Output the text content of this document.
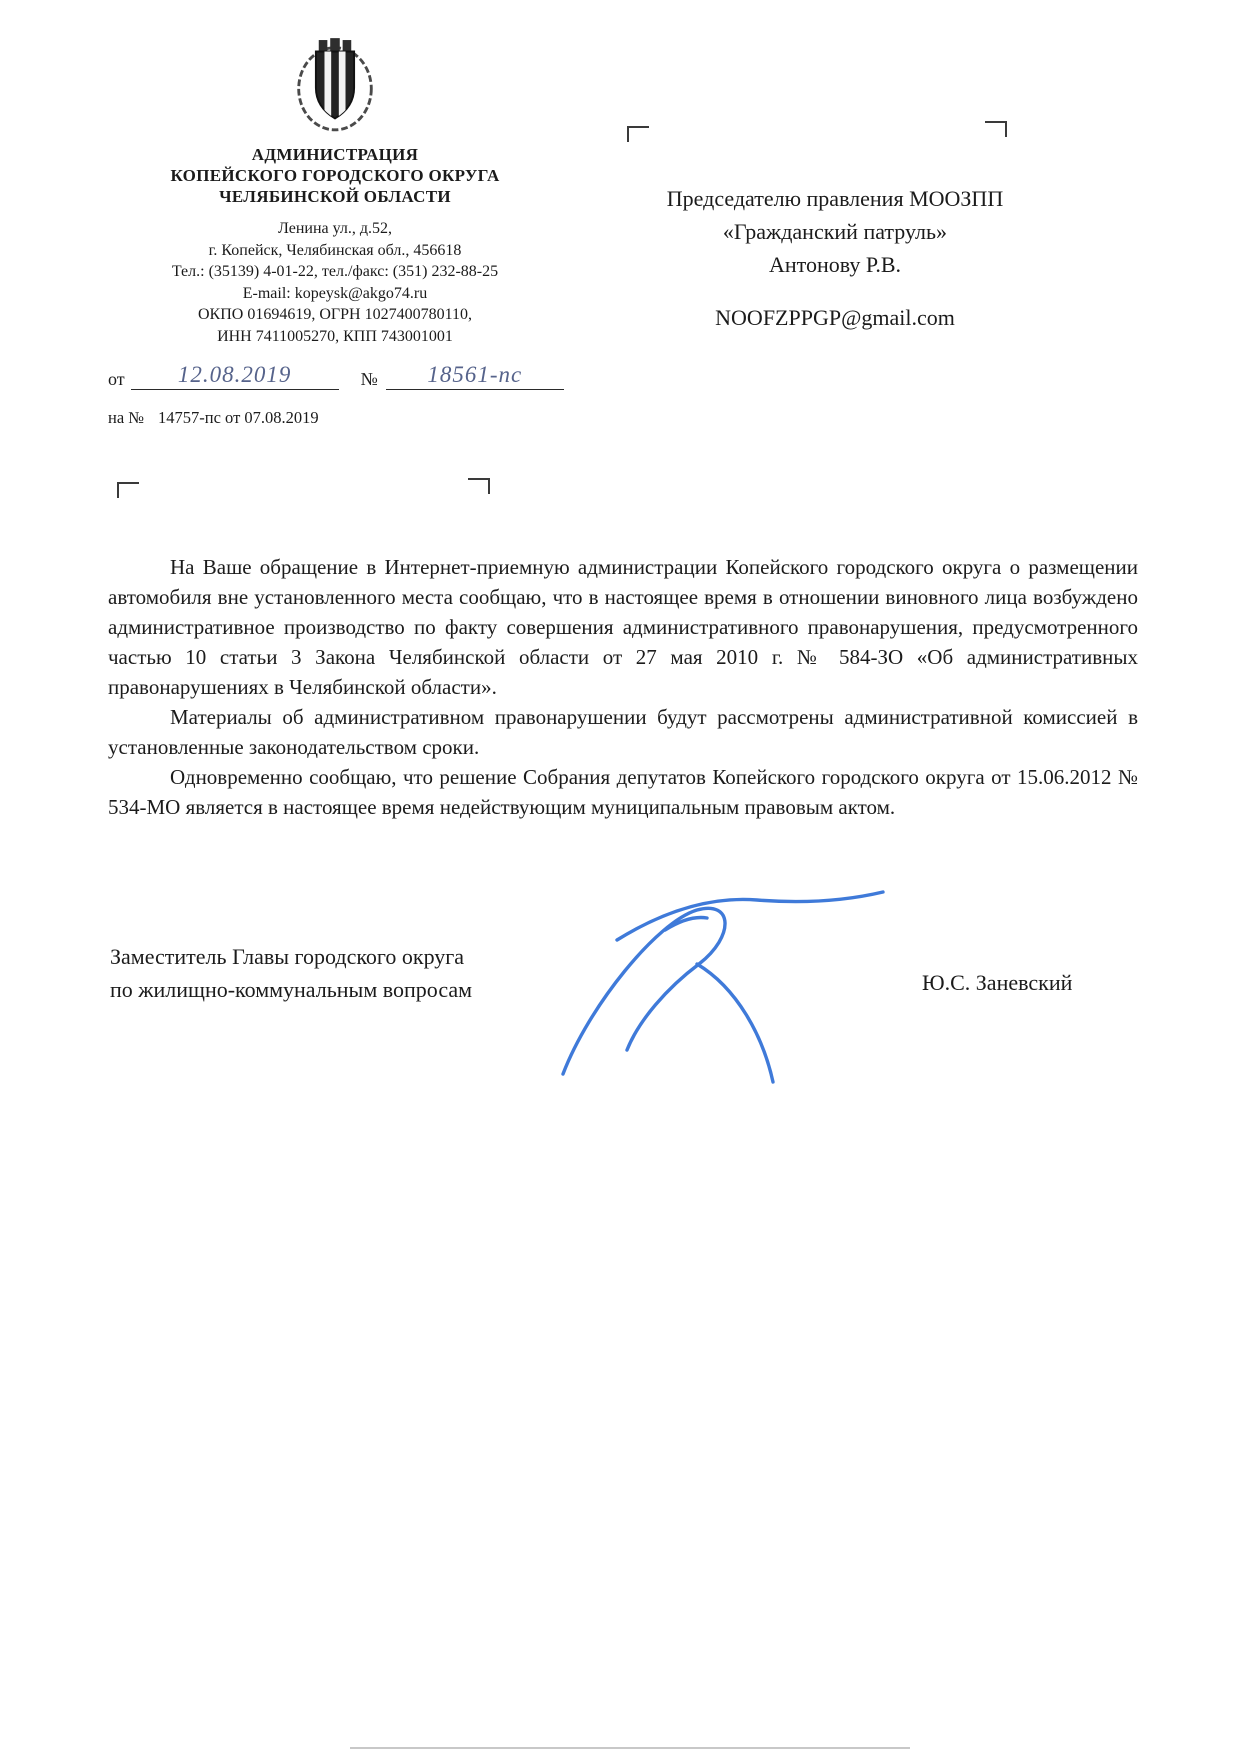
АДМИНИСТРАЦИЯ
КОПЕЙСКОГО ГОРОДСКОГО ОКРУГА
ЧЕЛЯБИНСКОЙ ОБЛАСТИ
Ленина ул., д.52,
г. Копейск, Челябинская обл., 456618
Тел.: (35139) 4-01-22, тел./факс: (351) 232-88-25
E-mail: kopeysk@akgo74.ru
ОКПО 01694619, ОГРН 1027400780110,
ИНН 7411005270, КПП 743001001
Председателю правления МООЗПП
«Гражданский патруль»
Антонову Р.В.
NOOFZPPGP@gmail.com
от 12.08.2019	№ 18561-пс
на № 14757-пс от 07.08.2019

На Ваше обращение в Интернет-приемную администрации Копейского городского округа о размещении автомобиля вне установленного места сообщаю, что в настоящее время в отношении виновного лица возбуждено административное производство по факту совершения административного правонарушения, предусмотренного частью 10 статьи 3 Закона Челябинской области от 27 мая 2010 г. № 584-ЗО «Об административных правонарушениях в Челябинской области».

Материалы об административном правонарушении будут рассмотрены административной комиссией в установленные законодательством сроки.

Одновременно сообщаю, что решение Собрания депутатов Копейского городского округа от 15.06.2012 № 534-МО является в настоящее время недействующим муниципальным правовым актом.

Заместитель Главы городского округа
по жилищно-коммунальным вопросам	Ю.С. Заневский
